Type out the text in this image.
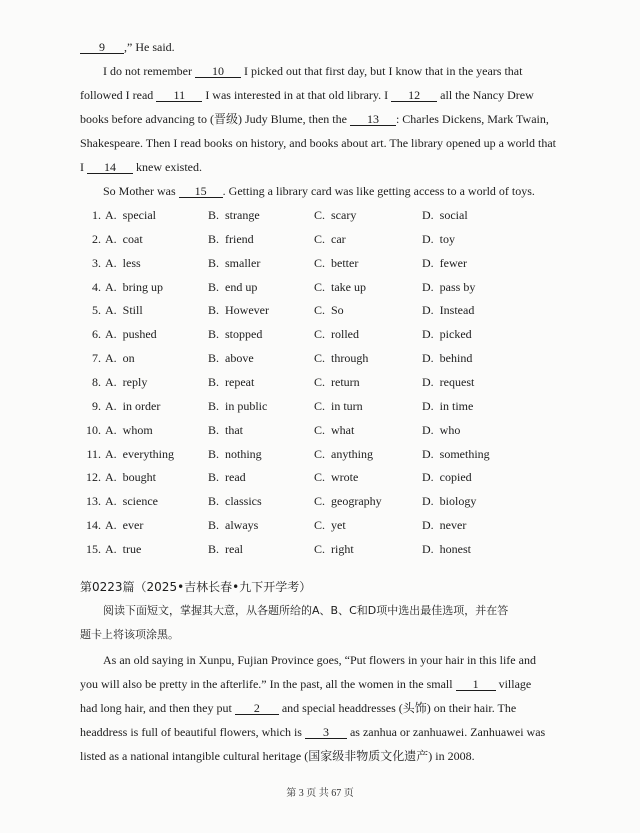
9 ,” He said.
I do not remember 10 I picked out that first day, but I know that in the years that
followed I read 11 I was interested in at that old library. I 12 all the Nancy Drew
books before advancing to (晋级) Judy Blume, then the 13 : Charles Dickens, Mark Twain,
Shakespeare. Then I read books on history, and books about art. The library opened up a world that
I 14 knew existed.
So Mother was 15 . Getting a library card was like getting access to a world of toys.
1. A. special	B. strange	C. scary	D. social
2. A. coat	B. friend	C. car	D. toy
3. A. less	B. smaller	C. better	D. fewer
4. A. bring up	B. end up	C. take up	D. pass by
5. A. Still	B. However	C. So	D. Instead
6. A. pushed	B. stopped	C. rolled	D. picked
7. A. on	B. above	C. through	D. behind
8. A. reply	B. repeat	C. return	D. request
9. A. in order	B. in public	C. in turn	D. in time
10. A. whom	B. that	C. what	D. who
11. A. everything	B. nothing	C. anything	D. something
12. A. bought	B. read	C. wrote	D. copied
13. A. science	B. classics	C. geography	D. biology
14. A. ever	B. always	C. yet	D. never
15. A. true	B. real	C. right	D. honest
第0223篇（2025•吉林长春•九下开学考）
阅读下面短文，掌握其大意，从各题所给的A、B、C和D项中选出最佳选项，并在答
题卡上将该项涂黑。
As an old saying in Xunpu, Fujian Province goes, “Put flowers in your hair in this life and
you will also be pretty in the afterlife.” In the past, all the women in the small 1 village
had long hair, and then they put 2 and special headdresses (头饰) on their hair. The
headdress is full of beautiful flowers, which is 3 as zanhua or zanhuawei. Zanhuawei was
listed as a national intangible cultural heritage (国家级非物质文化遗产) in 2008.
第 3 页 共 67 页
